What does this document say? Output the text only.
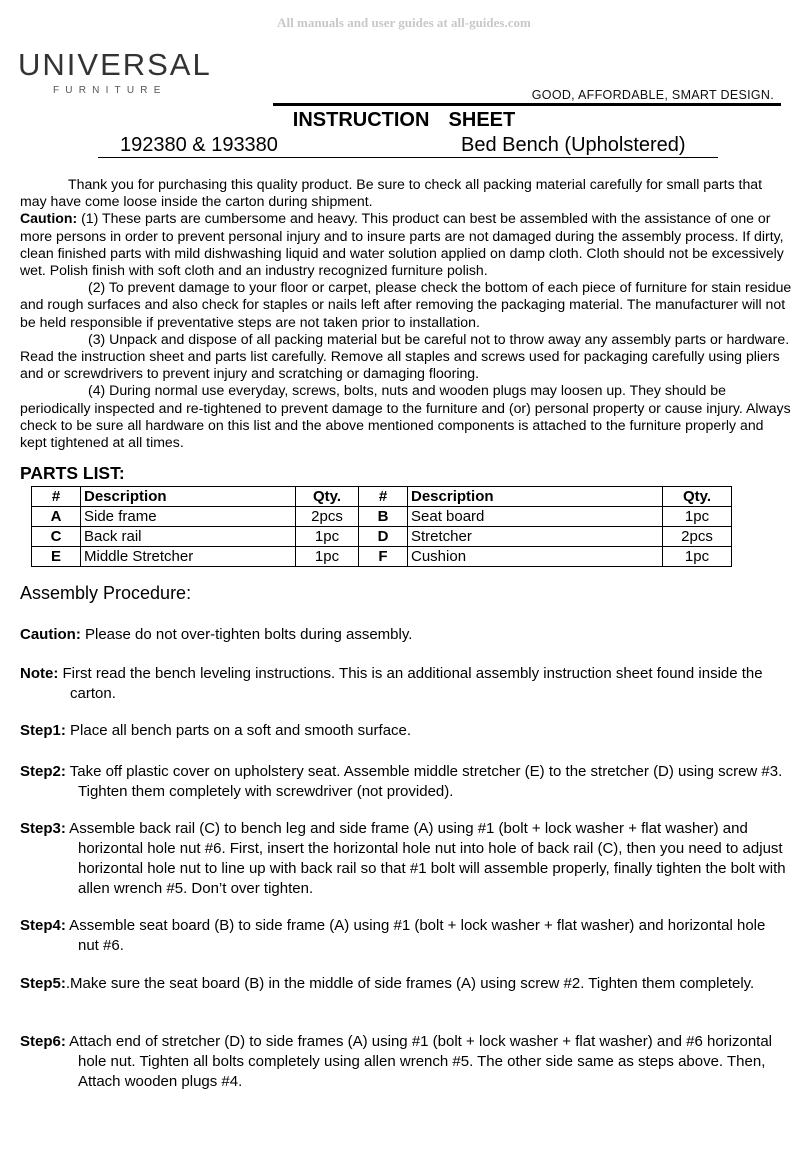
All manuals and user guides at all-guides.com
UNIVERSAL
FURNITURE	GOOD, AFFORDABLE, SMART DESIGN.
INSTRUCTION  SHEET
192380 & 193380	Bed Bench (Upholstered)

Thank you for purchasing this quality product. Be sure to check all packing material carefully for small parts that may have come loose inside the carton during shipment.

Caution: (1) These parts are cumbersome and heavy. This product can best be assembled with the assistance of one or more persons in order to prevent personal injury and to insure parts are not damaged during the assembly process. If dirty, clean finished parts with mild dishwashing liquid and water solution applied on damp cloth. Cloth should not be excessively wet. Polish finish with soft cloth and an industry recognized furniture polish.

(2) To prevent damage to your floor or carpet, please check the bottom of each piece of furniture for stain residue and rough surfaces and also check for staples or nails left after removing the packaging material. The manufacturer will not be held responsible if preventative steps are not taken prior to installation.

(3) Unpack and dispose of all packing material but be careful not to throw away any assembly parts or hardware. Read the instruction sheet and parts list carefully. Remove all staples and screws used for packaging carefully using pliers and or screwdrivers to prevent injury and scratching or damaging flooring.

(4) During normal use everyday, screws, bolts, nuts and wooden plugs may loosen up. They should be periodically inspected and re-tightened to prevent damage to the furniture and (or) personal property or cause injury. Always check to be sure all hardware on this list and the above mentioned components is attached to the furniture properly and kept tightened at all times.

PARTS LIST:
#	Description	Qty.	#	Description	Qty.
A	Side frame	2pcs	B	Seat board	1pc
C	Back rail	1pc	D	Stretcher	2pcs
E	Middle Stretcher	1pc	F	Cushion	1pc
Assembly Procedure:
Caution: Please do not over-tighten bolts during assembly.

Note: First read the bench leveling instructions. This is an additional assembly instruction sheet found inside the carton.

Step1: Place all bench parts on a soft and smooth surface.

Step2: Take off plastic cover on upholstery seat. Assemble middle stretcher (E) to the stretcher (D) using screw #3. Tighten them completely with screwdriver (not provided).

Step3: Assemble back rail (C) to bench leg and side frame (A) using #1 (bolt + lock washer + flat washer) and horizontal hole nut #6. First, insert the horizontal hole nut into hole of back rail (C), then you need to adjust horizontal hole nut to line up with back rail so that #1 bolt will assemble properly, finally tighten the bolt with allen wrench #5. Don’t over tighten.

Step4: Assemble seat board (B) to side frame (A) using #1 (bolt + lock washer + flat washer) and horizontal hole nut #6.

Step5:.Make sure the seat board (B) in the middle of side frames (A) using screw #2. Tighten them completely.

Step6: Attach end of stretcher (D) to side frames (A) using #1 (bolt + lock washer + flat washer) and #6 horizontal hole nut. Tighten all bolts completely using allen wrench #5. The other side same as steps above. Then, Attach wooden plugs #4.
